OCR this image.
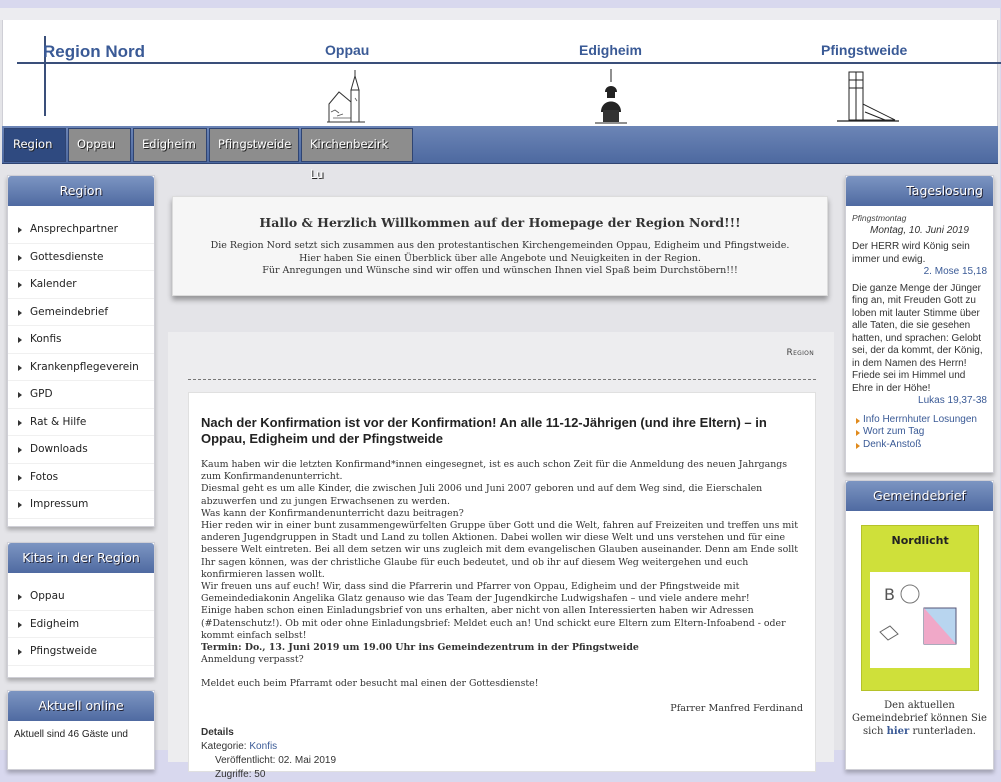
Region Nord	Oppau	Edigheim	Pfingstweide
Region	Oppau	Edigheim	Pfingstweide	Kirchenbezirk Lu
Region
Ansprechpartner
Gottesdienste
Kalender
Gemeindebrief
Konfis
Krankenpflegeverein
GPD
Rat & Hilfe
Downloads
Fotos
Impressum
Kitas in der Region
Oppau
Edigheim
Pfingstweide
Aktuell online
Aktuell sind 46 Gäste und
Hallo & Herzlich Willkommen auf der Homepage der Region Nord!!!

Die Region Nord setzt sich zusammen aus den protestantischen Kirchengemeinden Oppau, Edigheim und Pfingstweide.

Hier haben Sie einen Überblick über alle Angebote und Neuigkeiten in der Region.

Für Anregungen und Wünsche sind wir offen und wünschen Ihnen viel Spaß beim Durchstöbern!!!

Region
Nach der Konfirmation ist vor der Konfirmation! An alle 11-12-Jährigen (und ihre Eltern) – in Oppau, Edigheim und der Pfingstweide
Kaum haben wir die letzten Konfirmand*innen eingesegnet, ist es auch schon Zeit für die Anmeldung des neuen Jahrgangs zum Konfirmandenunterricht.
Diesmal geht es um alle Kinder, die zwischen Juli 2006 und Juni 2007 geboren und auf dem Weg sind, die Eierschalen abzuwerfen und zu jungen Erwachsenen zu werden.
Was kann der Konfirmandenunterricht dazu beitragen?
Hier reden wir in einer bunt zusammengewürfelten Gruppe über Gott und die Welt, fahren auf Freizeiten und treffen uns mit anderen Jugendgruppen in Stadt und Land zu tollen Aktionen. Dabei wollen wir diese Welt und uns verstehen und für eine bessere Welt eintreten. Bei all dem setzen wir uns zugleich mit dem evangelischen Glauben auseinander. Denn am Ende sollt Ihr sagen können, was der christliche Glaube für euch bedeutet, und ob ihr auf diesem Weg weitergehen und euch konfirmieren lassen wollt.
Wir freuen uns auf euch! Wir, dass sind die Pfarrerin und Pfarrer von Oppau, Edigheim und der Pfingstweide mit Gemeindediakonin Angelika Glatz genauso wie das Team der Jugendkirche Ludwigshafen – und viele andere mehr!
Einige haben schon einen Einladungsbrief von uns erhalten, aber nicht von allen Interessierten haben wir Adressen (#Datenschutz!). Ob mit oder ohne Einladungsbrief: Meldet euch an! Und schickt eure Eltern zum Eltern-Infoabend - oder kommt einfach selbst!
Termin: Do., 13. Juni 2019 um 19.00 Uhr ins Gemeindezentrum in der Pfingstweide
Anmeldung verpasst?
Meldet euch beim Pfarramt oder besucht mal einen der Gottesdienste!
Pfarrer Manfred Ferdinand
Details
Kategorie: Konfis
Veröffentlicht: 02. Mai 2019
Zugriffe: 50
Tageslosung
Pfingstmontag
Montag, 10. Juni 2019
Der HERR wird König sein immer und ewig.
2. Mose 15,18
Die ganze Menge der Jünger fing an, mit Freuden Gott zu loben mit lauter Stimme über alle Taten, die sie gesehen hatten, und sprachen: Gelobt sei, der da kommt, der König, in dem Namen des Herrn! Friede sei im Himmel und Ehre in der Höhe!
Lukas 19,37-38
Info Herrnhuter Losungen
Wort zum Tag
Denk-Anstoß
Gemeindebrief
Nordlicht
B
Den aktuellen Gemeindebrief können Sie sich hier runterladen.
